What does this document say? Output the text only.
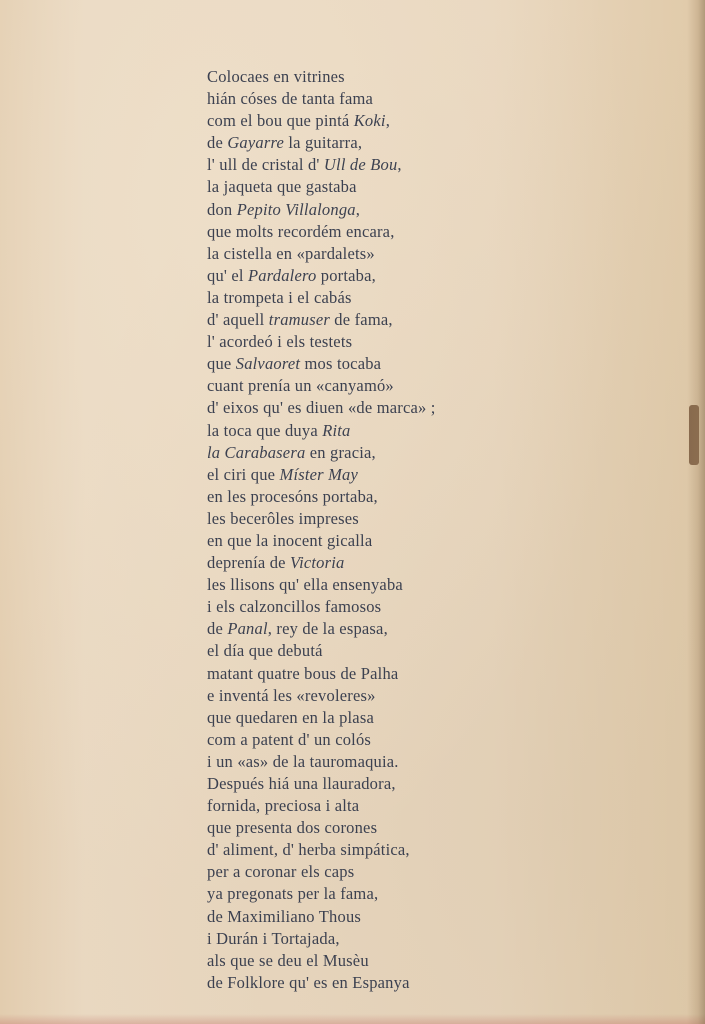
Colocaes en vitrines
hián cóses de tanta fama
com el bou que pintá Koki,
de Gayarre la guitarra,
l' ull de cristal d' Ull de Bou,
la jaqueta que gastaba
don Pepito Villalonga,
que molts recordém encara,
la cistella en «pardalets»
qu' el Pardalero portaba,
la trompeta i el cabás
d' aquell tramuser de fama,
l' acordeó i els testets
que Salvaoret mos tocaba
cuant prenía un «canyamó»
d' eixos qu' es diuen «de marca» ;
la toca que duya Rita
la Carabasera en gracia,
el ciri que Míster May
en les procesóns portaba,
les becerôles impreses
en que la inocent gicalla
deprenía de Victoria
les llisons qu' ella ensenyaba
i els calzoncillos famosos
de Panal, rey de la espasa,
el día que debutá
matant quatre bous de Palha
e inventá les «revoleres»
que quedaren en la plasa
com a patent d' un colós
i un «as» de la tauromaquia.
Después hiá una llauradora,
fornida, preciosa i alta
que presenta dos corones
d' aliment, d' herba simpática,
per a coronar els caps
ya pregonats per la fama,
de Maximiliano Thous
i Durán i Tortajada,
als que se deu el Musèu
de Folklore qu' es en Espanya
